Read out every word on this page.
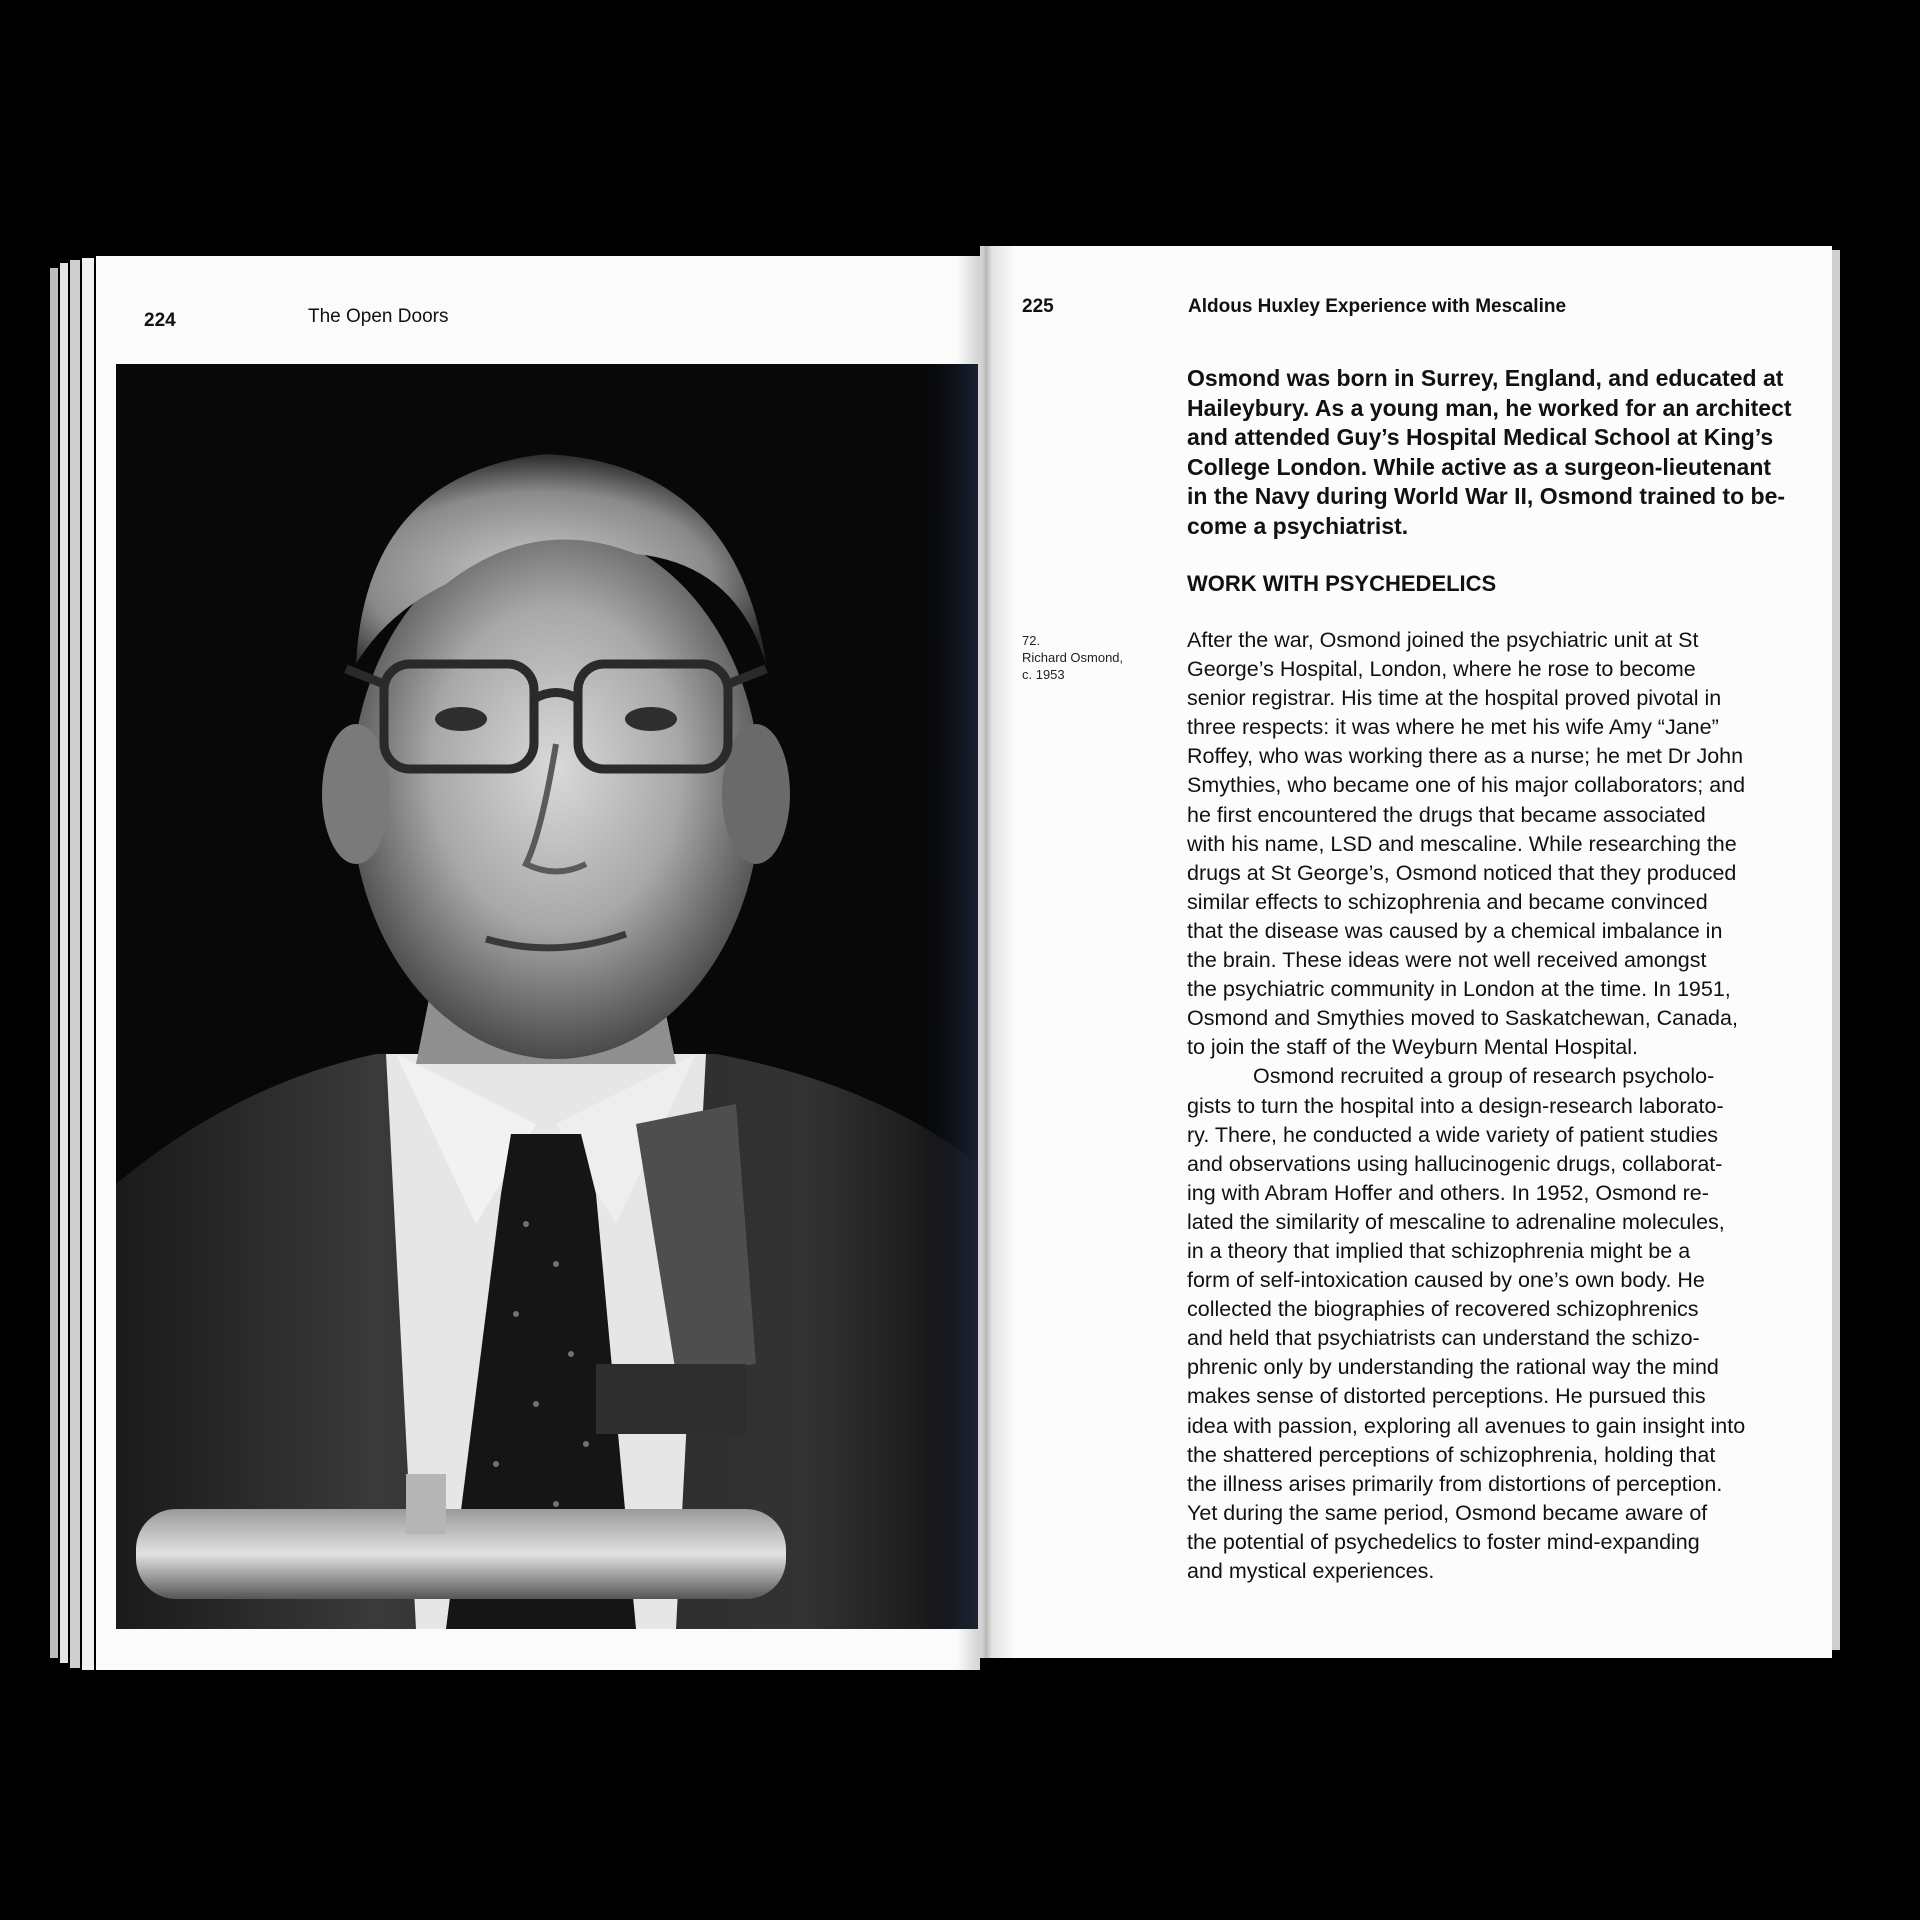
224	The Open Doors	225	Aldous Huxley Experience with Mescaline
72.
Richard Osmond,
c. 1953
Osmond was born in Surrey, England, and educated at
Haileybury. As a young man, he worked for an architect
and attended Guy’s Hospital Medical School at King’s
College London. While active as a surgeon-lieutenant
in the Navy during World War II, Osmond trained to be-
come a psychiatrist.
WORK WITH PSYCHEDELICS
After the war, Osmond joined the psychiatric unit at St
George’s Hospital, London, where he rose to become
senior registrar. His time at the hospital proved pivotal in
three respects: it was where he met his wife Amy “Jane”
Roffey, who was working there as a nurse; he met Dr John
Smythies, who became one of his major collaborators; and
he first encountered the drugs that became associated
with his name, LSD and mescaline. While researching the
drugs at St George’s, Osmond noticed that they produced
similar effects to schizophrenia and became convinced
that the disease was caused by a chemical imbalance in
the brain. These ideas were not well received amongst
the psychiatric community in London at the time. In 1951,
Osmond and Smythies moved to Saskatchewan, Canada,
to join the staff of the Weyburn Mental Hospital.
Osmond recruited a group of research psycholo-
gists to turn the hospital into a design-research laborato-
ry. There, he conducted a wide variety of patient studies
and observations using hallucinogenic drugs, collaborat-
ing with Abram Hoffer and others. In 1952, Osmond re-
lated the similarity of mescaline to adrenaline molecules,
in a theory that implied that schizophrenia might be a
form of self-intoxication caused by one’s own body. He
collected the biographies of recovered schizophrenics
and held that psychiatrists can understand the schizo-
phrenic only by understanding the rational way the mind
makes sense of distorted perceptions. He pursued this
idea with passion, exploring all avenues to gain insight into
the shattered perceptions of schizophrenia, holding that
the illness arises primarily from distortions of perception.
Yet during the same period, Osmond became aware of
the potential of psychedelics to foster mind-expanding
and mystical experiences.
